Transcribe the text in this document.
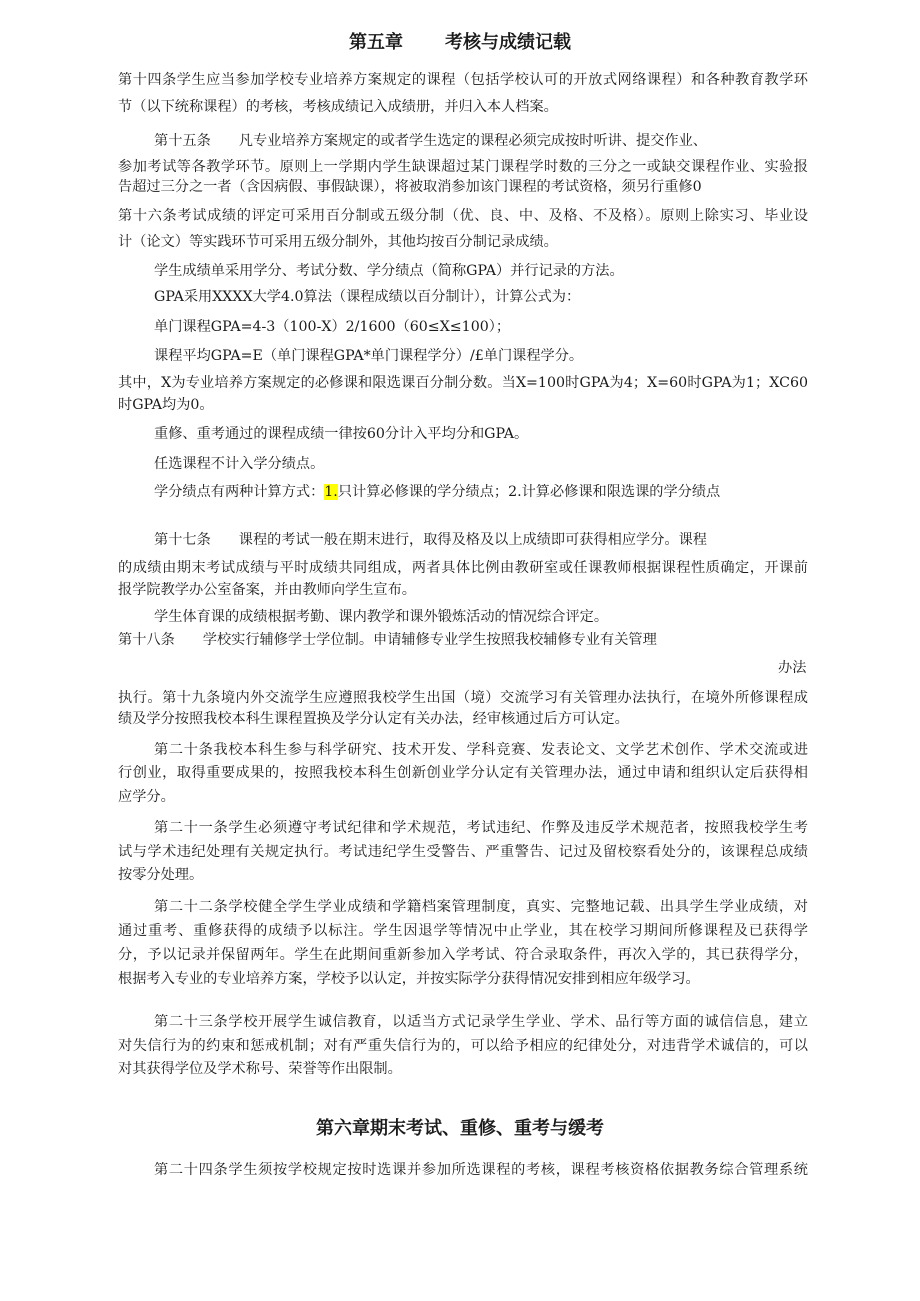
第五章 考核与成绩记载
第十四条学生应当参加学校专业培养方案规定的课程（包括学校认可的开放式网络课程）和各种教育教学环
节（以下统称课程）的考核，考核成绩记入成绩册，并归入本人档案。
第十五条 凡专业培养方案规定的或者学生选定的课程必须完成按时听讲、提交作业、
参加考试等各教学环节。原则上一学期内学生缺课超过某门课程学时数的三分之一或缺交课程作业、实验报
告超过三分之一者（含因病假、事假缺课），将被取消参加该门课程的考试资格，须另行重修0
第十六条考试成绩的评定可采用百分制或五级分制（优、良、中、及格、不及格）。原则上除实习、毕业设
计（论文）等实践环节可采用五级分制外，其他均按百分制记录成绩。
学生成绩单采用学分、考试分数、学分绩点（简称GPA）并行记录的方法。
GPA采用XXXX大学4.0算法（课程成绩以百分制计），计算公式为：
单门课程GPA=4-3（100-X）2/1600（60≤X≤100）；
课程平均GPA=E（单门课程GPA*单门课程学分）/£单门课程学分。
其中，X为专业培养方案规定的必修课和限选课百分制分数。当X=100时GPA为4；X=60时GPA为1；XC60
时GPA均为0。
重修、重考通过的课程成绩一律按60分计入平均分和GPA。
任选课程不计入学分绩点。
学分绩点有两种计算方式：1.只计算必修课的学分绩点；2.计算必修课和限选课的学分绩点
第十七条 课程的考试一般在期末进行，取得及格及以上成绩即可获得相应学分。课程
的成绩由期末考试成绩与平时成绩共同组成，两者具体比例由教研室或任课教师根据课程性质确定，开课前
报学院教学办公室备案，并由教师向学生宣布。
学生体育课的成绩根据考勤、课内教学和课外锻炼活动的情况综合评定。
第十八条 学校实行辅修学士学位制。申请辅修专业学生按照我校辅修专业有关管理
办法
执行。第十九条境内外交流学生应遵照我校学生出国（境）交流学习有关管理办法执行，在境外所修课程成
绩及学分按照我校本科生课程置换及学分认定有关办法，经审核通过后方可认定。
第二十条我校本科生参与科学研究、技术开发、学科竞赛、发表论文、文学艺术创作、学术交流或进
行创业，取得重要成果的，按照我校本科生创新创业学分认定有关管理办法，通过申请和组织认定后获得相
应学分。
第二十一条学生必须遵守考试纪律和学术规范，考试违纪、作弊及违反学术规范者，按照我校学生考
试与学术违纪处理有关规定执行。考试违纪学生受警告、严重警告、记过及留校察看处分的，该课程总成绩
按零分处理。
第二十二条学校健全学生学业成绩和学籍档案管理制度，真实、完整地记载、出具学生学业成绩，对
通过重考、重修获得的成绩予以标注。学生因退学等情况中止学业，其在校学习期间所修课程及已获得学
分，予以记录并保留两年。学生在此期间重新参加入学考试、符合录取条件，再次入学的，其已获得学分，
根据考入专业的专业培养方案，学校予以认定，并按实际学分获得情况安排到相应年级学习。
第二十三条学校开展学生诚信教育，以适当方式记录学生学业、学术、品行等方面的诚信信息，建立
对失信行为的约束和惩戒机制；对有严重失信行为的，可以给予相应的纪律处分，对违背学术诚信的，可以
对其获得学位及学术称号、荣誉等作出限制。
第六章期末考试、重修、重考与缓考
第二十四条学生须按学校规定按时选课并参加所选课程的考核，课程考核资格依据教务综合管理系统
